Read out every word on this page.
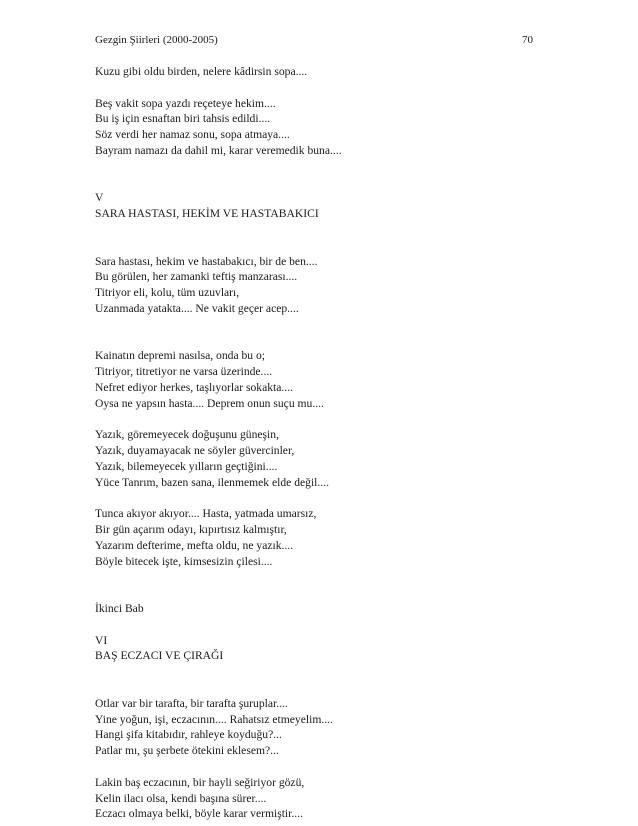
Gezgin Şiirleri (2000-2005)	70
Kuzu gibi oldu birden, nelere kâdirsin sopa....
Beş vakit sopa yazdı reçeteye hekim....
Bu iş için esnaftan biri tahsis edildi....
Söz verdi her namaz sonu, sopa atmaya....
Bayram namazı da dahil mi, karar veremedik buna....
V
SARA HASTASI, HEKİM VE HASTABAKICI
Sara hastası, hekim ve hastabakıcı, bir de ben....
Bu görülen, her zamanki teftiş manzarası....
Titriyor eli, kolu, tüm uzuvları,
Uzanmada yatakta.... Ne vakit geçer acep....
Kainatın depremi nasılsa, onda bu o;
Titriyor, titretiyor ne varsa üzerinde....
Nefret ediyor herkes, taşlıyorlar sokakta....
Oysa ne yapsın hasta.... Deprem onun suçu mu....
Yazık, göremeyecek doğuşunu güneşin,
Yazık, duyamayacak ne söyler güvercinler,
Yazık, bilemeyecek yılların geçtiğini....
Yüce Tanrım, bazen sana, ilenmemek elde değil....
Tunca akıyor akıyor.... Hasta, yatmada umarsız,
Bir gün açarım odayı, kıpırtısız kalmıştır,
Yazarım defterime, mefta oldu, ne yazık....
Böyle bitecek işte, kimsesizin çilesi....
İkinci Bab
VI
BAŞ ECZACI VE ÇIRAĞI
Otlar var bir tarafta, bir tarafta şuruplar....
Yine yoğun, işi, eczacının.... Rahatsız etmeyelim....
Hangi şifa kitabıdır, rahleye koyduğu?...
Patlar mı, şu şerbete ötekini eklesem?...
Lakin baş eczacının, bir hayli seğiriyor gözü,
Kelin ilacı olsa, kendi başına sürer....
Eczacı olmaya belki, böyle karar vermiştir....
